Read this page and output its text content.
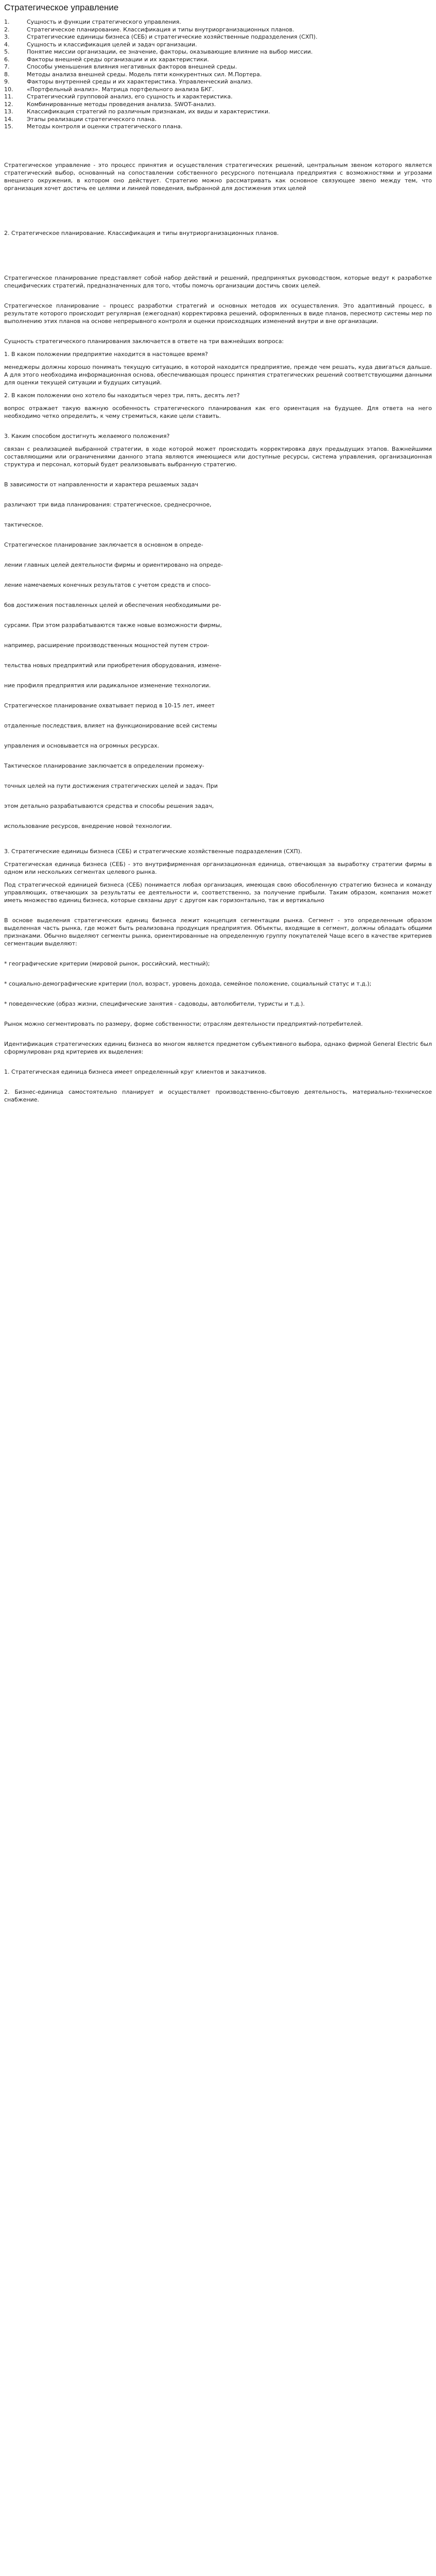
Стратегическое управление
1.	Сущность и функции стратегического управления.
2.	Стратегическое планирование. Классификация и типы внутриорганизационных планов.
3.	Стратегические единицы бизнеса (СЕБ) и стратегические хозяйственные подразделения (СХП).
4.	Сущность и классификация целей и задач организации.
5.	Понятие миссии организации, ее значение, факторы, оказывающие влияние на выбор миссии.
6.	Факторы внешней среды организации и их характеристики.
7.	Способы уменьшения влияния негативных факторов внешней среды.
8.	Методы анализа внешней среды. Модель пяти конкурентных сил. М.Портера.
9.	Факторы внутренней среды и их характеристика. Управленческий анализ.
10.	«Портфельный анализ». Матрица портфельного анализа БКГ.
11.	Стратегический групповой анализ, его сущность и характеристика.
12.	Комбинированные методы проведения анализа. SWOT-анализ.
13.	Классификация стратегий по различным признакам, их виды и характеристики.
14.	Этапы реализации стратегического плана.
15.	Методы контроля и оценки стратегического плана.

Стратегическое управление - это процесс принятия и осуществления стратегических решений, центральным звеном которого является стратегический выбор, основанный на сопоставлении собственного ресурсного потенциала предприятия с возможностями и угрозами внешнего окружения, в котором оно действует. Стратегию можно рассматривать как основное связующее звено между тем, что организация хочет достичь ее целями и линией поведения, выбранной для достижения этих целей

2. Стратегическое планирование. Классификация и типы внутриорганизационных планов.

Стратегическое планирование представляет собой набор действий и решений, предпринятых руководством, которые ведут к разработке специфических стратегий, предназначенных для того, чтобы помочь организации достичь своих целей.

Стратегическое планирование – процесс разработки стратегий и основных методов их осуществления. Это адаптивный процесс, в результате которого происходит регулярная (ежегодная) корректировка решений, оформленных в виде планов, пересмотр системы мер по выполнению этих планов на основе непрерывного контроля и оценки происходящих изменений внутри и вне организации.

Сущность стратегического планирования заключается в ответе на три важнейших вопроса:

1. В каком положении предприятие находится в настоящее время?

менеджеры должны хорошо понимать текущую ситуацию, в которой находится предприятие, прежде чем решать, куда двигаться дальше. А для этого необходима информационная основа, обеспечивающая процесс принятия стратегических решений соответствующими данными для оценки текущей ситуации и будущих ситуаций.

2. В каком положении оно хотело бы находиться через три, пять, десять лет?

вопрос отражает такую важную особенность стратегического планирования как его ориентация на будущее. Для ответа на него необходимо четко определить, к чему стремиться, какие цели ставить.

3. Каким способом достигнуть желаемого положения?

связан с реализацией выбранной стратегии, в ходе которой может происходить корректировка двух предыдущих этапов. Важнейшими составляющими или ограничениями данного этапа являются имеющиеся или доступные ресурсы, система управления, организационная структура и персонал, который будет реализовывать выбранную стратегию.

В зависимости от направленности и характера решаемых задач

различают три вида планирования: стратегическое, среднесрочное,

тактическое.

Стратегическое планирование заключается в основном в опреде-

лении главных целей деятельности фирмы и ориентировано на опреде-

ление намечаемых конечных результатов с учетом средств и спосо-

бов достижения поставленных целей и обеспечения необходимыми ре-

сурсами. При этом разрабатываются также новые возможности фирмы,

например, расширение производственных мощностей путем строи-

тельства новых предприятий или приобретения оборудования, измене-

ние профиля предприятия или радикальное изменение технологии.

Стратегическое планирование охватывает период в 10-15 лет, имеет

отдаленные последствия, влияет на функционирование всей системы

управления и основывается на огромных ресурсах.

Тактическое планирование заключается в определении промежу-

точных целей на пути достижения стратегических целей и задач. При

этом детально разрабатываются средства и способы решения задач,

использование ресурсов, внедрение новой технологии.

3. Стратегические единицы бизнеса (СЕБ) и стратегические хозяйственные подразделения (СХП).

Стратегическая единица бизнеса (СЕБ) - это внутрифирменная организационная единица, отвечающая за выработку стратегии фирмы в одном или нескольких сегментах целевого рынка.

Под стратегической единицей бизнеса (СЕБ) понимается любая организация, имеющая свою обособленную стратегию бизнеса и команду управляющих, отвечающих за результаты ее деятельности и, соответственно, за получение прибыли. Таким образом, компания может иметь множество единиц бизнеса, которые связаны друг с другом как горизонтально, так и вертикально

В основе выделения стратегических единиц бизнеса лежит концепция сегментации рынка. Сегмент - это определенным образом выделенная часть рынка, где может быть реализована продукция предприятия. Объекты, входящие в сегмент, должны обладать общими признаками. Обычно выделяют сегменты рынка, ориентированные на определенную группу покупателей Чаще всего в качестве критериев сегментации выделяют:

* географические критерии (мировой рынок, российский, местный);

* социально-демографические критерии (пол, возраст, уровень дохода, семейное положение, социальный статус и т.д.);

* поведенческие (образ жизни, специфические занятия - садоводы, автолюбители, туристы и т.д.).

Рынок можно сегментировать по размеру, форме собственности; отраслям деятельности предприятий-потребителей.

Идентификация стратегических единиц бизнеса во многом является предметом субъективного выбора, однако фирмой General Electric был сформулирован ряд критериев их выделения:

1. Стратегическая единица бизнеса имеет определенный круг клиентов и заказчиков.

2. Бизнес-единица самостоятельно планирует и осуществляет производственно-сбытовую деятельность, материально-техническое снабжение.
